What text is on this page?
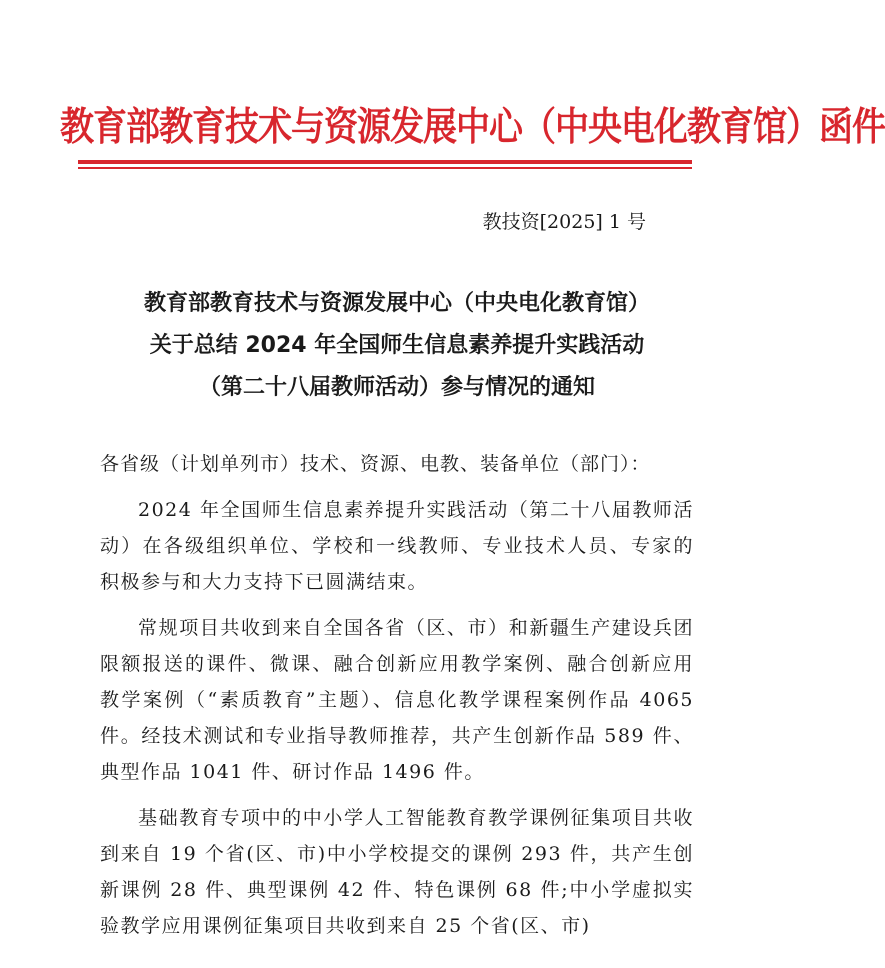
教育部教育技术与资源发展中心（中央电化教育馆）函件
教技资[2025] 1 号
教育部教育技术与资源发展中心（中央电化教育馆）
关于总结 2024 年全国师生信息素养提升实践活动
（第二十八届教师活动）参与情况的通知
各省级（计划单列市）技术、资源、电教、装备单位（部门）：
2024 年全国师生信息素养提升实践活动（第二十八届教师活动）在各级组织单位、学校和一线教师、专业技术人员、专家的积极参与和大力支持下已圆满结束。
常规项目共收到来自全国各省（区、市）和新疆生产建设兵团限额报送的课件、微课、融合创新应用教学案例、融合创新应用教学案例（“素质教育”主题）、信息化教学课程案例作品 4065 件。经技术测试和专业指导教师推荐，共产生创新作品 589 件、典型作品 1041 件、研讨作品 1496 件。
基础教育专项中的中小学人工智能教育教学课例征集项目共收到来自 19 个省(区、市)中小学校提交的课例 293 件，共产生创新课例 28 件、典型课例 42 件、特色课例 68 件;中小学虚拟实验教学应用课例征集项目共收到来自 25 个省(区、市)
